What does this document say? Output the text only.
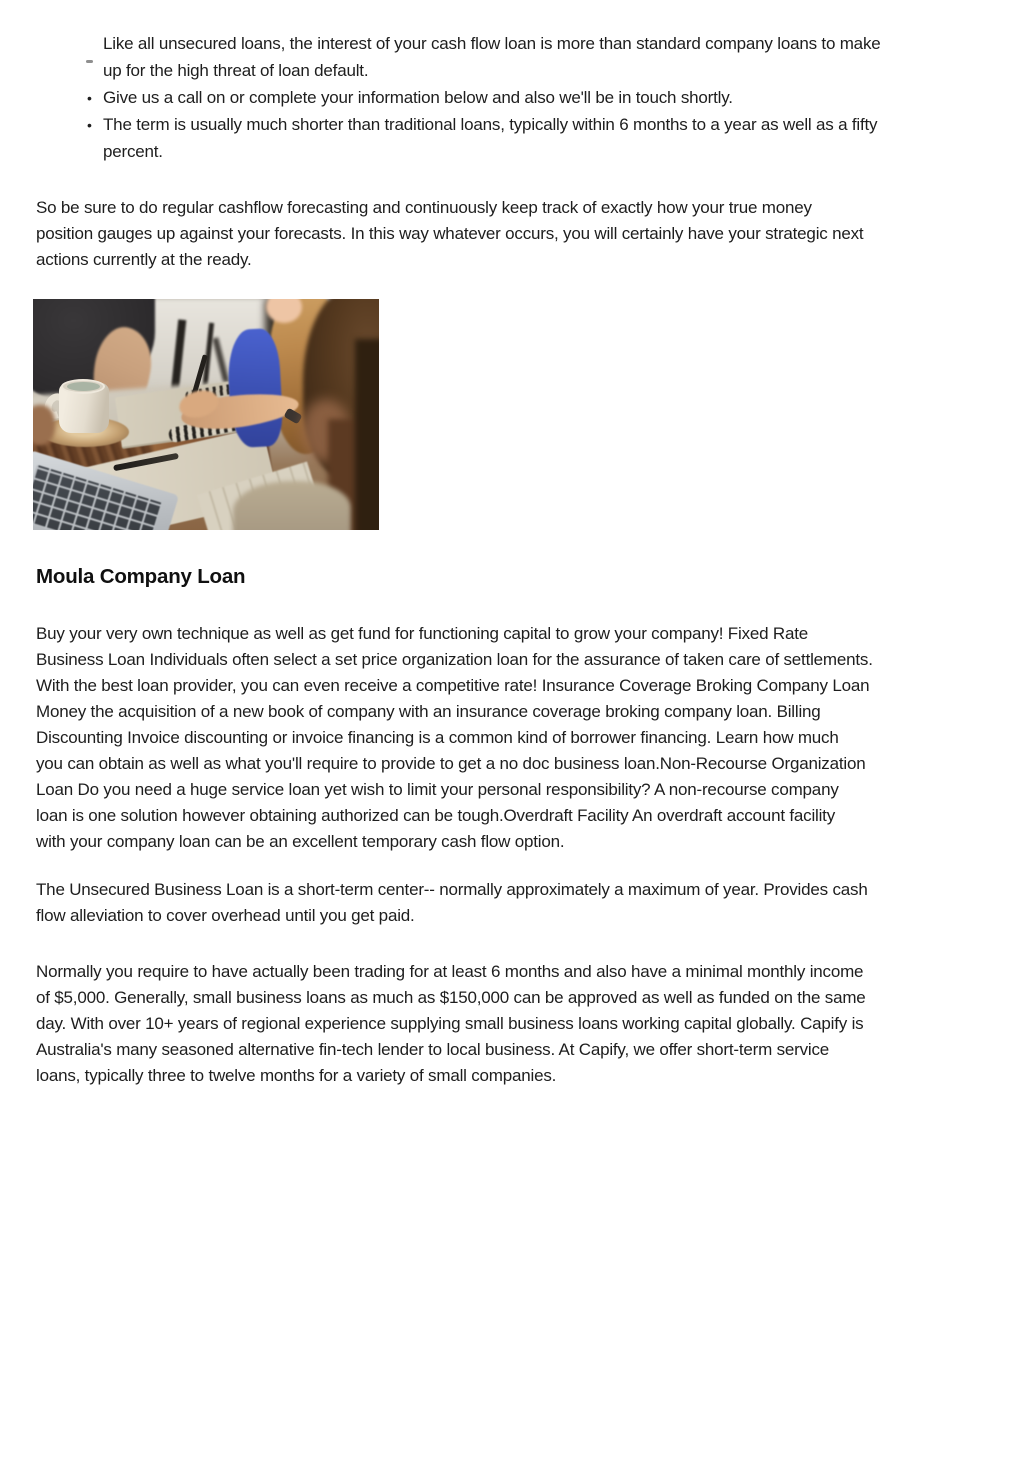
Like all unsecured loans, the interest of your cash flow loan is more than standard company loans to make
up for the high threat of loan default.
• Give us a call on or complete your information below and also we'll be in touch shortly.
• The term is usually much shorter than traditional loans, typically within 6 months to a year as well as a fifty
percent.

So be sure to do regular cashflow forecasting and continuously keep track of exactly how your true money
position gauges up against your forecasts. In this way whatever occurs, you will certainly have your strategic next
actions currently at the ready.

Moula Company Loan

Buy your very own technique as well as get fund for functioning capital to grow your company! Fixed Rate
Business Loan Individuals often select a set price organization loan for the assurance of taken care of settlements.
With the best loan provider, you can even receive a competitive rate! Insurance Coverage Broking Company Loan
Money the acquisition of a new book of company with an insurance coverage broking company loan. Billing
Discounting Invoice discounting or invoice financing is a common kind of borrower financing. Learn how much
you can obtain as well as what you'll require to provide to get a no doc business loan.Non-Recourse Organization
Loan Do you need a huge service loan yet wish to limit your personal responsibility? A non-recourse company
loan is one solution however obtaining authorized can be tough.Overdraft Facility An overdraft account facility
with your company loan can be an excellent temporary cash flow option.

The Unsecured Business Loan is a short-term center-- normally approximately a maximum of year. Provides cash
flow alleviation to cover overhead until you get paid.

Normally you require to have actually been trading for at least 6 months and also have a minimal monthly income
of $5,000. Generally, small business loans as much as $150,000 can be approved as well as funded on the same
day. With over 10+ years of regional experience supplying small business loans working capital globally. Capify is
Australia's many seasoned alternative fin-tech lender to local business. At Capify, we offer short-term service
loans, typically three to twelve months for a variety of small companies.
